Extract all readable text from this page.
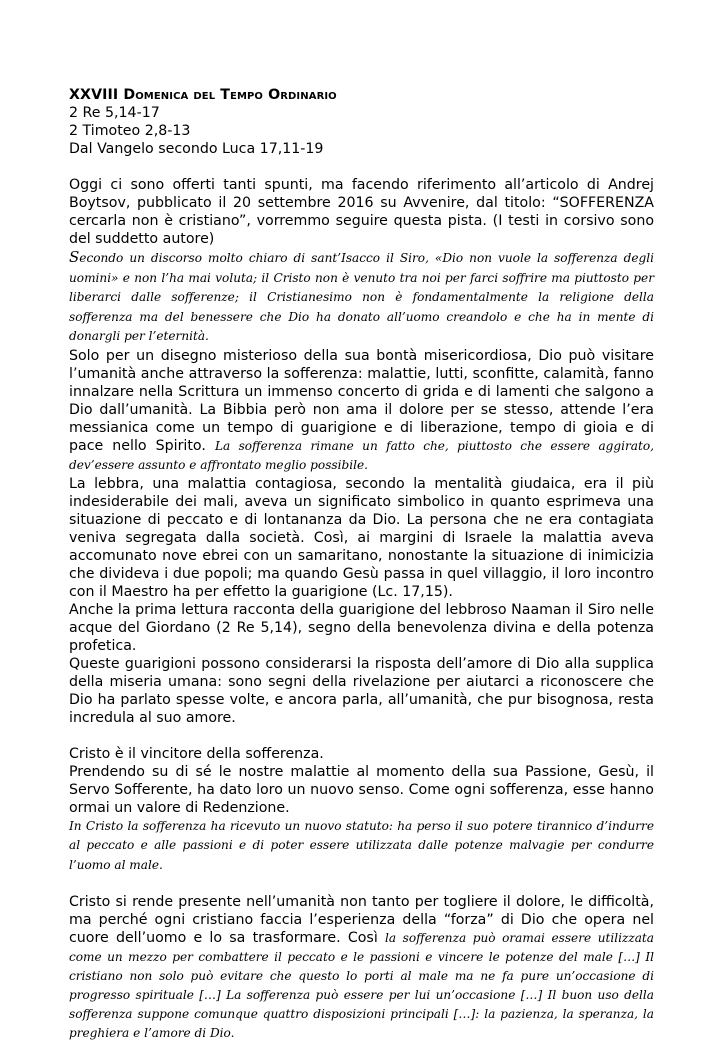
XXVIII Domenica del Tempo Ordinario
2 Re 5,14-17
2 Timoteo 2,8-13
Dal Vangelo secondo Luca 17,11-19

Oggi ci sono offerti tanti spunti, ma facendo riferimento all’articolo di Andrej Boytsov, pubblicato il 20 settembre 2016 su Avvenire, dal titolo: “SOFFERENZA cercarla non è cristiano”, vorremmo seguire questa pista. (I testi in corsivo sono del suddetto autore)

Secondo un discorso molto chiaro di sant’Isacco il Siro, «Dio non vuole la sofferenza degli uomini» e non l’ha mai voluta; il Cristo non è venuto tra noi per farci soffrire ma piuttosto per liberarci dalle sofferenze; il Cristianesimo non è fondamentalmente la religione della sofferenza ma del benessere che Dio ha donato all’uomo creandolo e che ha in mente di donargli per l’eternità.

Solo per un disegno misterioso della sua bontà misericordiosa, Dio può visitare l’umanità anche attraverso la sofferenza: malattie, lutti, sconfitte, calamità, fanno innalzare nella Scrittura un immenso concerto di grida e di lamenti che salgono a Dio dall’umanità. La Bibbia però non ama il dolore per se stesso, attende l’era messianica come un tempo di guarigione e di liberazione, tempo di gioia e di pace nello Spirito. La sofferenza rimane un fatto che, piuttosto che essere aggirato, dev’essere assunto e affrontato meglio possibile.

La lebbra, una malattia contagiosa, secondo la mentalità giudaica, era il più indesiderabile dei mali, aveva un significato simbolico in quanto esprimeva una situazione di peccato e di lontananza da Dio. La persona che ne era contagiata veniva segregata dalla società. Così, ai margini di Israele la malattia aveva accomunato nove ebrei con un samaritano, nonostante la situazione di inimicizia che divideva i due popoli; ma quando Gesù passa in quel villaggio, il loro incontro con il Maestro ha per effetto la guarigione (Lc. 17,15).

Anche la prima lettura racconta della guarigione del lebbroso Naaman il Siro nelle acque del Giordano (2 Re 5,14), segno della benevolenza divina e della potenza profetica.

Queste guarigioni possono considerarsi la risposta dell’amore di Dio alla supplica della miseria umana: sono segni della rivelazione per aiutarci a riconoscere che Dio ha parlato spesse volte, e ancora parla, all’umanità, che pur bisognosa, resta incredula al suo amore.

Cristo è il vincitore della sofferenza.

Prendendo su di sé le nostre malattie al momento della sua Passione, Gesù, il Servo Sofferente, ha dato loro un nuovo senso. Come ogni sofferenza, esse hanno ormai un valore di Redenzione.

In Cristo la sofferenza ha ricevuto un nuovo statuto: ha perso il suo potere tirannico d’indurre al peccato e alle passioni e di poter essere utilizzata dalle potenze malvagie per condurre l’uomo al male.

Cristo si rende presente nell’umanità non tanto per togliere il dolore, le difficoltà, ma perché ogni cristiano faccia l’esperienza della “forza” di Dio che opera nel cuore dell’uomo e lo sa trasformare. Così la sofferenza può oramai essere utilizzata come un mezzo per combattere il peccato e le passioni e vincere le potenze del male […] Il cristiano non solo può evitare che questo lo porti al male ma ne fa pure un’occasione di progresso spirituale […] La sofferenza può essere per lui un’occasione […] Il buon uso della sofferenza suppone comunque quattro disposizioni principali […]: la pazienza, la speranza, la preghiera e l’amore di Dio.
